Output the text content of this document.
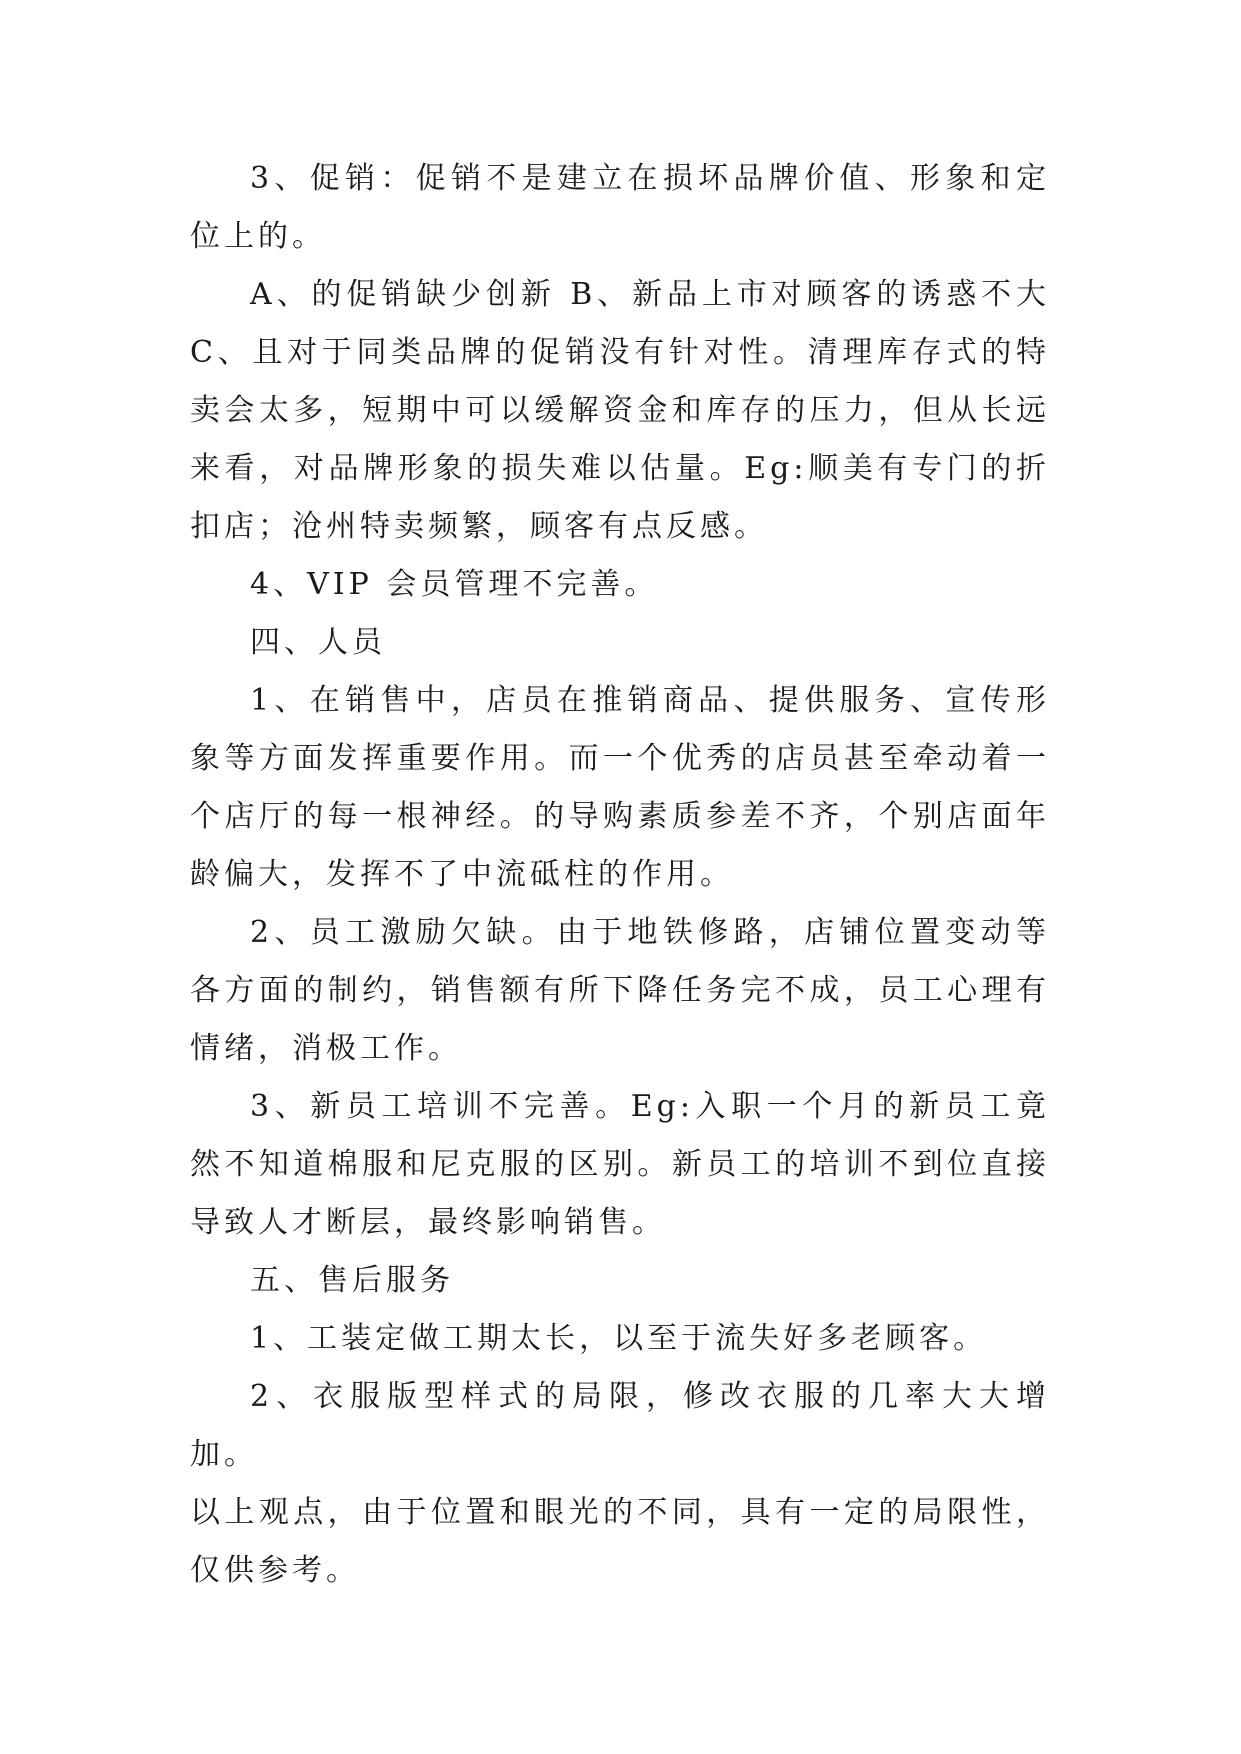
3、促销：促销不是建立在损坏品牌价值、形象和定位上的。

A、的促销缺少创新 B、新品上市对顾客的诱惑不大 C、且对于同类品牌的促销没有针对性。清理库存式的特卖会太多，短期中可以缓解资金和库存的压力，但从长远来看，对品牌形象的损失难以估量。Eg:顺美有专门的折扣店；沧州特卖频繁，顾客有点反感。

4、VIP 会员管理不完善。

四、人员

1、在销售中，店员在推销商品、提供服务、宣传形象等方面发挥重要作用。而一个优秀的店员甚至牵动着一个店厅的每一根神经。的导购素质参差不齐，个别店面年龄偏大，发挥不了中流砥柱的作用。

2、员工激励欠缺。由于地铁修路，店铺位置变动等各方面的制约，销售额有所下降任务完不成，员工心理有情绪，消极工作。

3、新员工培训不完善。Eg:入职一个月的新员工竟然不知道棉服和尼克服的区别。新员工的培训不到位直接导致人才断层，最终影响销售。

五、售后服务

1、工装定做工期太长，以至于流失好多老顾客。

2、衣服版型样式的局限，修改衣服的几率大大增加。

以上观点，由于位置和眼光的不同，具有一定的局限性，仅供参考。
